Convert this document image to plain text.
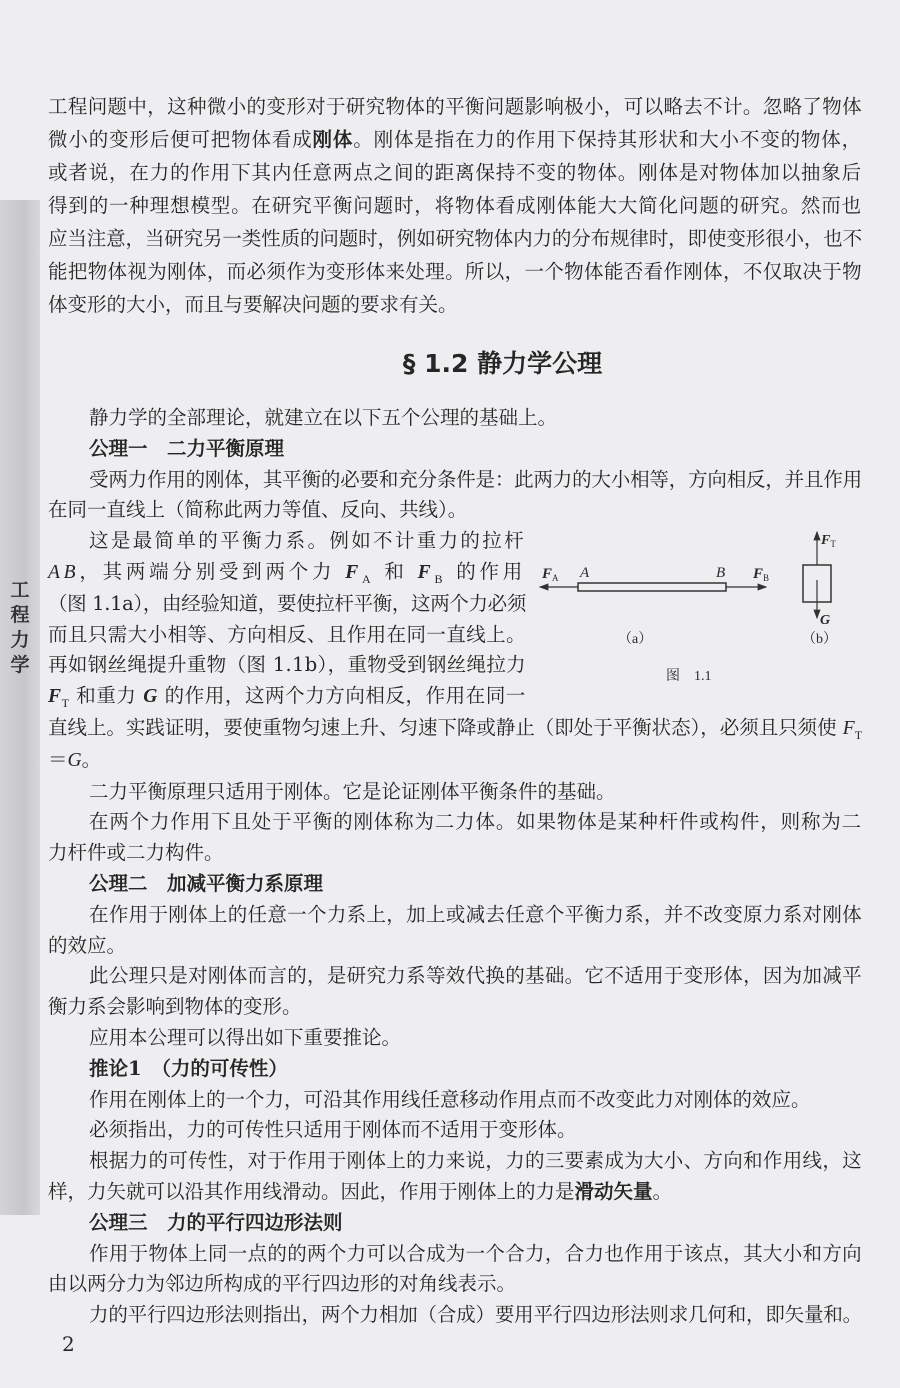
工程力学
工程问题中，这种微小的变形对于研究物体的平衡问题影响极小，可以略去不计。忽略了物体
微小的变形后便可把物体看成刚体。刚体是指在力的作用下保持其形状和大小不变的物体，
或者说，在力的作用下其内任意两点之间的距离保持不变的物体。刚体是对物体加以抽象后
得到的一种理想模型。在研究平衡问题时，将物体看成刚体能大大简化问题的研究。然而也
应当注意，当研究另一类性质的问题时，例如研究物体内力的分布规律时，即使变形很小，也不
能把物体视为刚体，而必须作为变形体来处理。所以，一个物体能否看作刚体，不仅取决于物
体变形的大小，而且与要解决问题的要求有关。
§ 1.2 静力学公理
静力学的全部理论，就建立在以下五个公理的基础上。
公理一　二力平衡原理
受两力作用的刚体，其平衡的必要和充分条件是：此两力的大小相等，方向相反，并且作用
在同一直线上（简称此两力等值、反向、共线）。
这是最简单的平衡力系。例如不计重力的拉杆
AB，其两端分别受到两个力 $F_A$ 和 $F_B$ 的作用
（图 1.1a），由经验知道，要使拉杆平衡，这两个力必须
而且只需大小相等、方向相反、且作用在同一直线上。
再如钢丝绳提升重物（图 1.1b），重物受到钢丝绳拉力
$F_T$ 和重力 G 的作用，这两个力方向相反，作用在同一
直线上。实践证明，要使重物匀速上升、匀速下降或静止（即处于平衡状态），必须且只须使 $F_T$
＝G。
二力平衡原理只适用于刚体。它是论证刚体平衡条件的基础。
在两个力作用下且处于平衡的刚体称为二力体。如果物体是某种杆件或构件，则称为二
力杆件或二力构件。
公理二　加减平衡力系原理
在作用于刚体上的任意一个力系上，加上或减去任意个平衡力系，并不改变原力系对刚体
的效应。
此公理只是对刚体而言的，是研究力系等效代换的基础。它不适用于变形体，因为加减平
衡力系会影响到物体的变形。
应用本公理可以得出如下重要推论。
推论1　（力的可传性）
作用在刚体上的一个力，可沿其作用线任意移动作用点而不改变此力对刚体的效应。
必须指出，力的可传性只适用于刚体而不适用于变形体。
根据力的可传性，对于作用于刚体上的力来说，力的三要素成为大小、方向和作用线，这
样，力矢就可以沿其作用线滑动。因此，作用于刚体上的力是滑动矢量。
公理三　力的平行四边形法则
作用于物体上同一点的的两个力可以合成为一个合力，合力也作用于该点，其大小和方向
由以两分力为邻边所构成的平行四边形的对角线表示。
力的平行四边形法则指出，两个力相加（合成）要用平行四边形法则求几何和，即矢量和。
$F_A$ A	B $F_B$
$F_T$
G
（a）	（b）
图　1.1
2
